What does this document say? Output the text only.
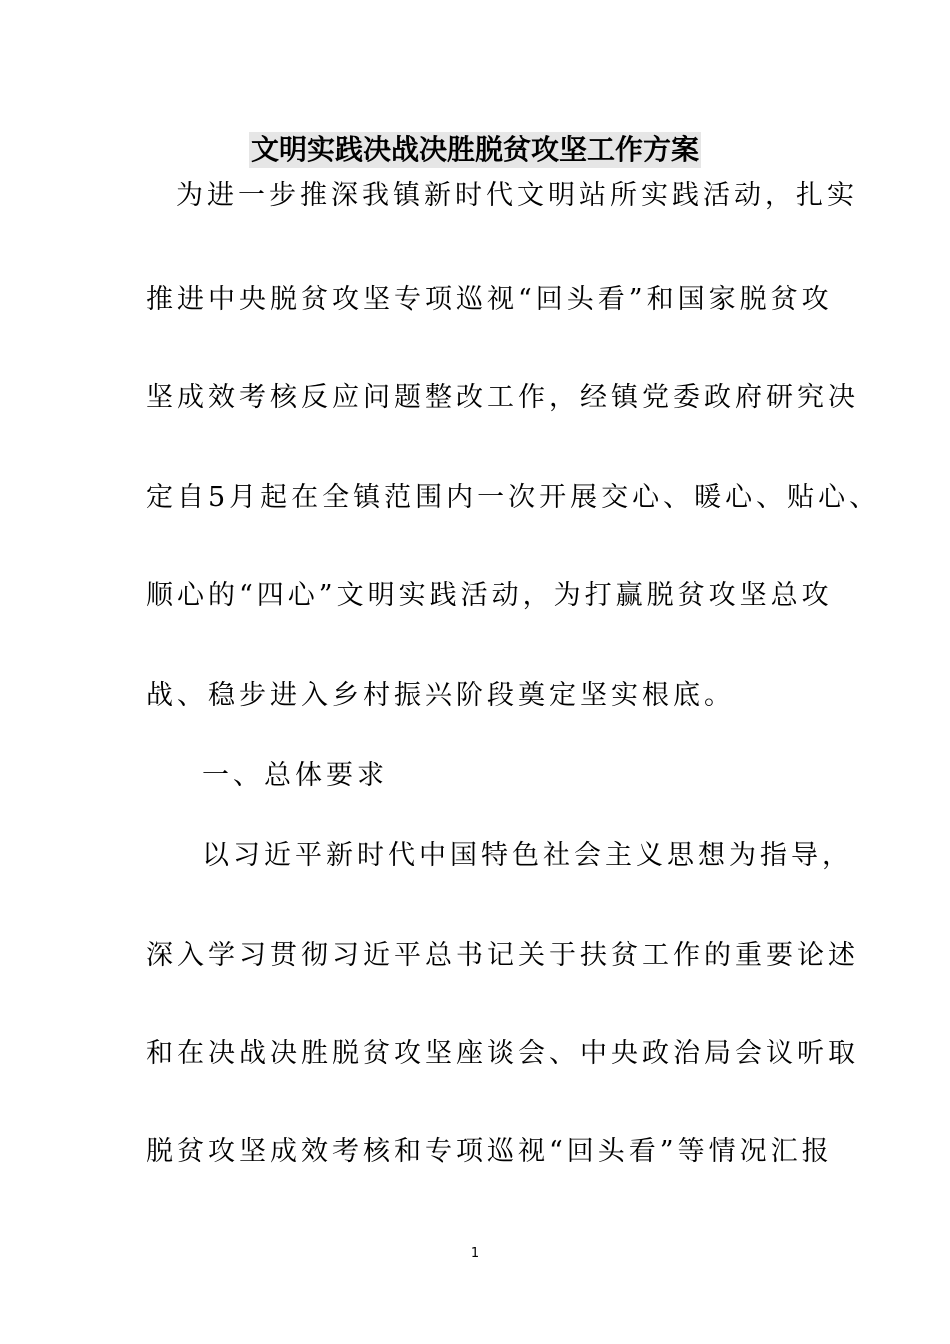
文明实践决战决胜脱贫攻坚工作方案
为进一步推深我镇新时代文明站所实践活动，扎实
推进中央脱贫攻坚专项巡视“回头看”和国家脱贫攻
坚成效考核反应问题整改工作，经镇党委政府研究决
定自5月起在全镇范围内一次开展交心、暖心、贴心、
顺心的“四心”文明实践活动，为打赢脱贫攻坚总攻
战、稳步进入乡村振兴阶段奠定坚实根底。
一、总体要求
以习近平新时代中国特色社会主义思想为指导，
深入学习贯彻习近平总书记关于扶贫工作的重要论述
和在决战决胜脱贫攻坚座谈会、中央政治局会议听取
脱贫攻坚成效考核和专项巡视“回头看”等情况汇报
1
